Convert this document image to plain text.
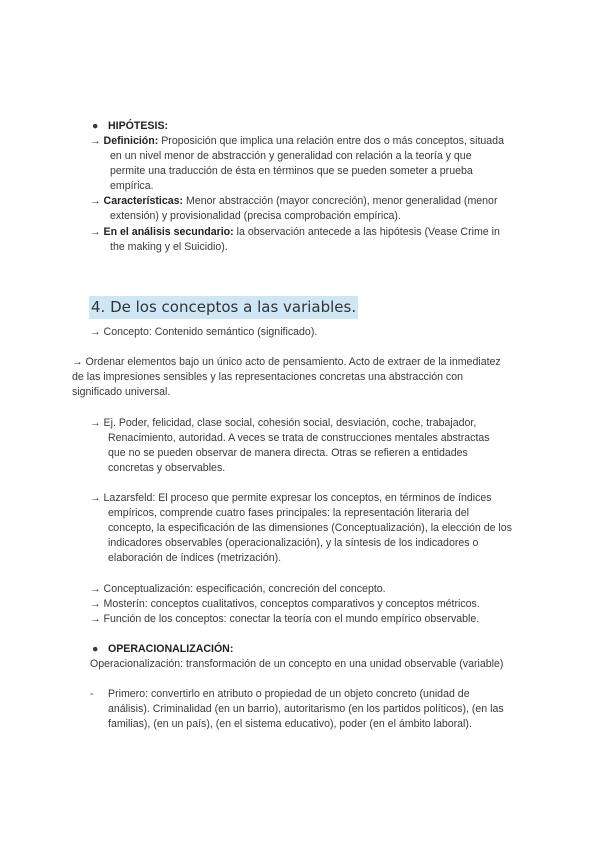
● HIPÓTESIS:
→ Definición: Proposición que implica una relación entre dos o más conceptos, situada
en un nivel menor de abstracción y generalidad con relación a la teoría y que
permite una traducción de ésta en términos que se pueden someter a prueba
empírica.
→ Características: Menor abstracción (mayor concreción), menor generalidad (menor
extensión) y provisionalidad (precisa comprobación empírica).
→ En el análisis secundario: la observación antecede a las hipótesis (Vease Crime in
the making y el Suicidio).
4. De los conceptos a las variables.
→ Concepto: Contenido semántico (significado).
→ Ordenar elementos bajo un único acto de pensamiento. Acto de extraer de la inmediatez
de las impresiones sensibles y las representaciones concretas una abstracción con
significado universal.
→ Ej. Poder, felicidad, clase social, cohesión social, desviación, coche, trabajador,
Renacimiento, autoridad. A veces se trata de construcciones mentales abstractas
que no se pueden observar de manera directa. Otras se refieren a entidades
concretas y observables.
→ Lazarsfeld: El proceso que permite expresar los conceptos, en términos de índices
empíricos, comprende cuatro fases principales: la representación literaria del
concepto, la especificación de las dimensiones (Conceptualización), la elección de los
indicadores observables (operacionalización), y la síntesis de los indicadores o
elaboración de índices (metrización).
→ Conceptualización: especificación, concreción del concepto.
→ Mosterín: conceptos cualitativos, conceptos comparativos y conceptos métricos.
→ Función de los conceptos: conectar la teoría con el mundo empírico observable.
● OPERACIONALIZACIÓN:
Operacionalización: transformación de un concepto en una unidad observable (variable)
- Primero: convertirlo en atributo o propiedad de un objeto concreto (unidad de
análisis). Criminalidad (en un barrio), autoritarismo (en los partidos políticos), (en las
familias), (en un país), (en el sistema educativo), poder (en el ámbito laboral).
